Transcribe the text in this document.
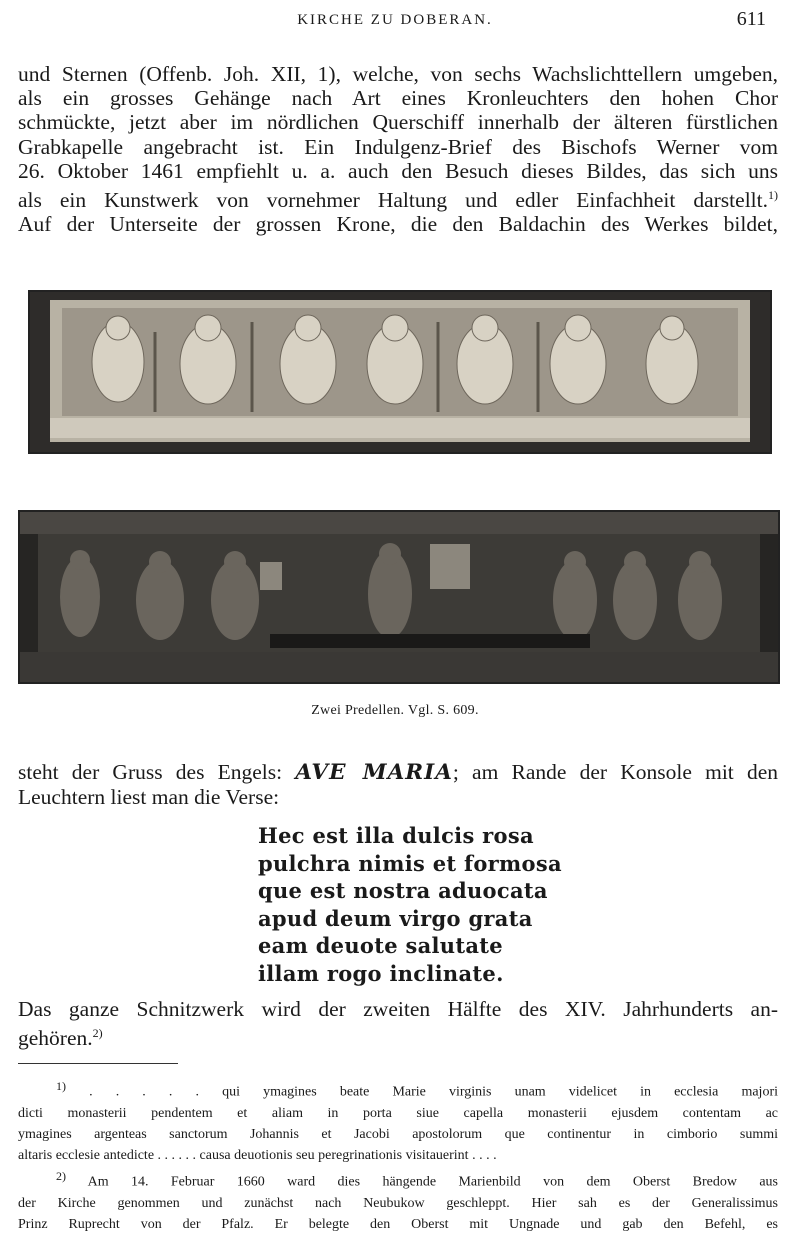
KIRCHE ZU DOBERAN.	611
und Sternen (Offenb. Joh. XII, 1), welche, von sechs Wachslichttellern umgeben,
als ein grosses Gehänge nach Art eines Kronleuchters den hohen Chor
schmückte, jetzt aber im nördlichen Querschiff innerhalb der älteren fürstlichen
Grabkapelle angebracht ist. Ein Indulgenz-Brief des Bischofs Werner vom
26. Oktober 1461 empfiehlt u. a. auch den Besuch dieses Bildes, das sich uns
als ein Kunstwerk von vornehmer Haltung und edler Einfachheit darstellt.$^{1)}$
Auf der Unterseite der grossen Krone, die den Baldachin des Werkes bildet,
Zwei Predellen. Vgl. S. 609.
steht der Gruss des Engels: AVE MARIA; am Rande der Konsole mit den
Leuchtern liest man die Verse:
Hec est illa dulcis rosa
pulchra nimis et formosa
que est nostra aduocata
apud deum virgo grata
eam deuote salutate
illam rogo inclinate.
Das ganze Schnitzwerk wird der zweiten Hälfte des XIV. Jahrhunderts an-
gehören.$^{2)}$
$^{1)}$ . . . . . qui ymagines beate Marie virginis unam videlicet in ecclesia majori
dicti monasterii pendentem et aliam in porta siue capella monasterii ejusdem contentam ac
ymagines argenteas sanctorum Johannis et Jacobi apostolorum que continentur in cimborio summi
altaris ecclesie antedicte . . . . . . causa deuotionis seu peregrinationis visitauerint . . . .
$^{2)}$ Am 14. Februar 1660 ward dies hängende Marienbild von dem Oberst Bredow aus
der Kirche genommen und zunächst nach Neubukow geschleppt. Hier sah es der Generalissimus
Prinz Ruprecht von der Pfalz. Er belegte den Oberst mit Ungnade und gab den Befehl, es
